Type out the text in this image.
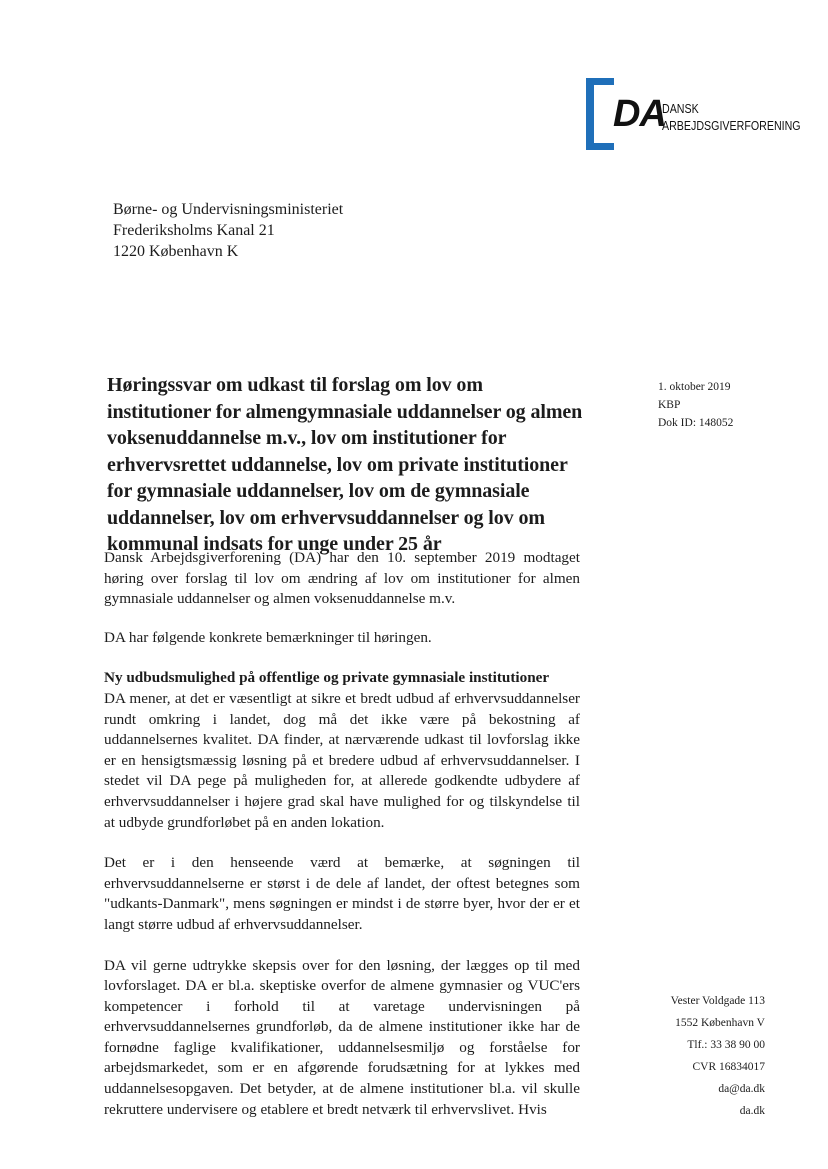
DA
DANSK
ARBEJDSGIVERFORENING
Børne- og Undervisningsministeriet
Frederiksholms Kanal 21
1220 København K
1. oktober 2019
KBP
Dok ID: 148052
Høringssvar om udkast til forslag om lov om institutioner for almengymnasiale uddannelser og almen voksenuddannelse m.v., lov om institutioner for erhvervsrettet uddannelse, lov om private institutioner for gymnasiale uddannelser, lov om de gymnasiale uddannelser, lov om erhvervsuddannelser og lov om kommunal indsats for unge under 25 år

Dansk Arbejdsgiverforening (DA) har den 10. september 2019 modtaget høring over forslag til lov om ændring af lov om institutioner for almen gymnasiale uddannelser og almen voksenuddannelse m.v.

DA har følgende konkrete bemærkninger til høringen.

Ny udbudsmulighed på offentlige og private gymnasiale institutioner

DA mener, at det er væsentligt at sikre et bredt udbud af erhvervsuddannelser rundt omkring i landet, dog må det ikke være på bekostning af uddannelsernes kvalitet. DA finder, at nærværende udkast til lovforslag ikke er en hensigtsmæssig løsning på et bredere udbud af erhvervsuddannelser. I stedet vil DA pege på muligheden for, at allerede godkendte udbydere af erhvervsuddannelser i højere grad skal have mulighed for og tilskyndelse til at udbyde grundforløbet på en anden lokation.

Det er i den henseende værd at bemærke, at søgningen til erhvervsuddannelserne er størst i de dele af landet, der oftest betegnes som "udkants-Danmark", mens søgningen er mindst i de større byer, hvor der er et langt større udbud af erhvervsuddannelser.

DA vil gerne udtrykke skepsis over for den løsning, der lægges op til med lovforslaget. DA er bl.a. skeptiske overfor de almene gymnasier og VUC'ers kompetencer i forhold til at varetage undervisningen på erhvervsuddannelsernes grundforløb, da de almene institutioner ikke har de fornødne faglige kvalifikationer, uddannelsesmiljø og forståelse for arbejdsmarkedet, som er en afgørende forudsætning for at lykkes med uddannelsesopgaven. Det betyder, at de almene institutioner bl.a. vil skulle rekruttere undervisere og etablere et bredt netværk til erhvervslivet. Hvis

Vester Voldgade 113
1552 København V
Tlf.: 33 38 90 00
CVR 16834017
da@da.dk
da.dk
